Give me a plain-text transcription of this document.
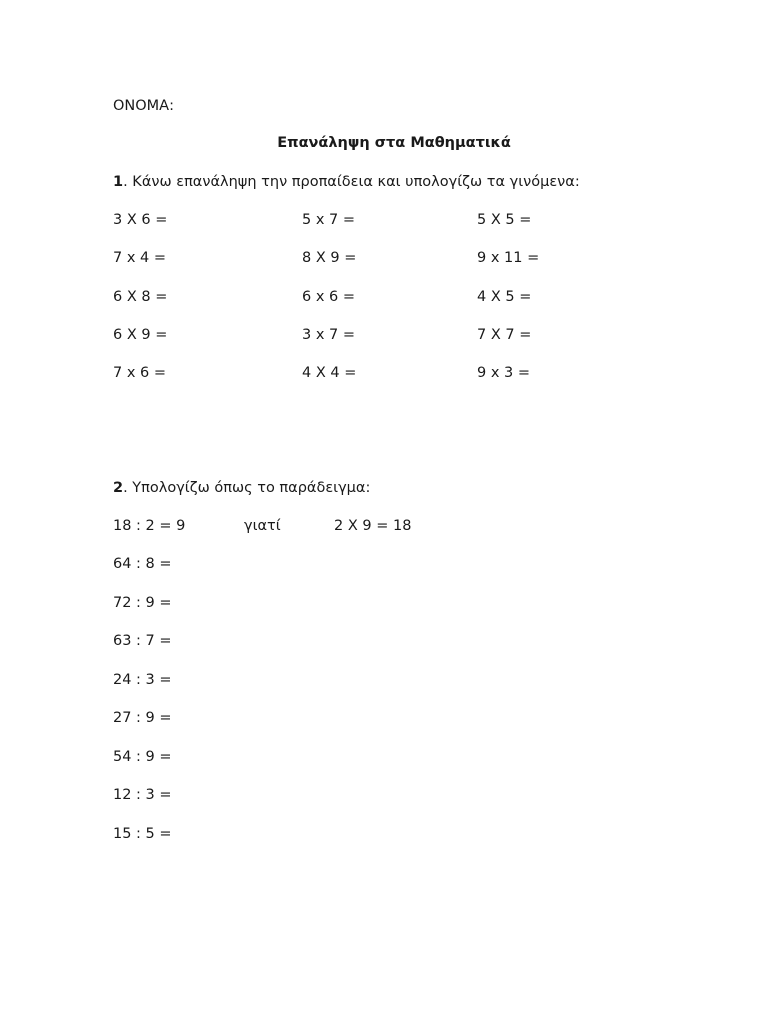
ΟΝΟΜΑ:
Επανάληψη στα Μαθηματικά
1. Κάνω επανάληψη την προπαίδεια και υπολογίζω τα γινόμενα:
3 X 6 =	5 x 7 =	5 X 5 =
7 x 4 =	8 X 9 =	9 x 11 =
6 X 8 =	6 x 6 =	4 X 5 =
6 X 9 =	3 x 7 =	7 X 7 =
7 x 6 =	4 X 4 =	9 x 3 =
2. Υπολογίζω όπως το παράδειγμα:
18 : 2 = 9	γιατί	2 X 9 = 18
64 : 8 =
72 : 9 =
63 : 7 =
24 : 3 =
27 : 9 =
54 : 9 =
12 : 3 =
15 : 5 =
